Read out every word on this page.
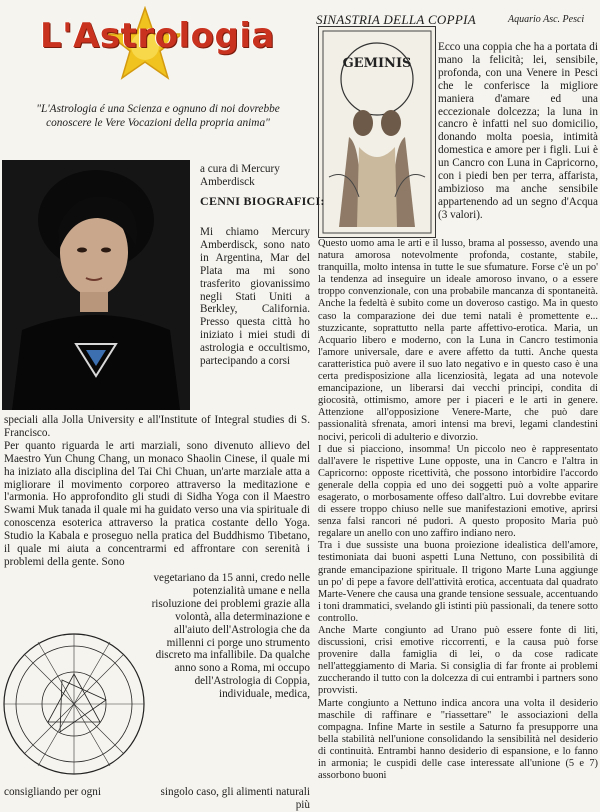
L'Astrologia
"L'Astrologia é una Scienza e ognuno di noi dovrebbe conoscere le Vere Vocazioni della propria anima"
SINASTRIA DELLA COPPIA	Aquario Asc. Pesci
GEMINIS
a cura di Mercury Amberdisck
CENNI BIOGRAFICI:
Mi chiamo Mercury Amberdisck, sono nato in Argentina, Mar del Plata ma mi sono trasferito giovanissimo negli Stati Uniti a Berkley, California. Presso questa città ho iniziato i miei studi di astrologia e occultismo, partecipando a corsi

speciali alla Jolla University e all'Institute of Integral studies di S. Francisco.

Per quanto riguarda le arti marziali, sono divenuto allievo del Maestro Yun Chung Chang, un monaco Shaolin Cinese, il quale mi ha iniziato alla disciplina del Tai Chi Chuan, un'arte marziale atta a migliorare il movimento corporeo attraverso la meditazione e l'armonia. Ho approfondito gli studi di Sidha Yoga con il Maestro Swami Muk tanada il quale mi ha guidato verso una via spirituale di conoscenza esoterica attraverso la pratica costante dello Yoga. Studio la Kabala e proseguo nella pratica del Buddhismo Tibetano, il quale mi aiuta a concentrarmi ed affrontare con serenità i problemi della gente. Sono

vegetariano da 15 anni, credo nelle potenzialità umane e nella risoluzione dei problemi grazie alla volontà, alla determinazione e all'aiuto dell'Astrologia che da millenni ci porge uno strumento discreto ma infallibile. Da qualche anno sono a Roma, mi occupo dell'Astrologia di Coppia, individuale, medica,
consigliando per ogni	singolo caso, gli alimenti naturali più
Ecco una coppia che ha a portata di mano la felicità; lei, sensibile, profonda, con una Venere in Pesci che le conferisce la migliore maniera d'amare ed una eccezionale dolcezza; la luna in cancro è infatti nel suo domicilio, donando molta poesia, intimità domestica e amore per i figli. Lui è un Cancro con Luna in Capricorno, con i piedi ben per terra, affarista, ambizioso ma anche sensibile appartenendo ad un segno d'Acqua (3 valori).

Questo uomo ama le arti e il lusso, brama al possesso, avendo una natura amorosa notevolmente profonda, costante, stabile, tranquilla, molto intensa in tutte le sue sfumature. Forse c'è un po' la tendenza ad inseguire un ideale amoroso invano, o a essere troppo convenzionale, con una probabile mancanza di spontaneità. Anche la fedeltà è subito come un doveroso castigo. Ma in questo caso la comparazione dei due temi natali è promettente e... stuzzicante, soprattutto nella parte affettivo-erotica. Maria, un Acquario libero e moderno, con la Luna in Cancro testimonia l'amore universale, dare e avere affetto da tutti. Anche questa caratteristica può avere il suo lato negativo e in questo caso è una certa predisposizione alla licenziosità, legata ad una notevole emancipazione, un liberarsi dai vecchi principi, condita di giocosità, ottimismo, amore per i piaceri e le arti in genere. Attenzione all'opposizione Venere-Marte, che può dare passionalità sfrenata, amori intensi ma brevi, legami clandestini nocivi, pericoli di adulterio e divorzio.

I due si piacciono, insomma! Un piccolo neo è rappresentato dall'avere le rispettive Lune opposte, una in Cancro e l'altra in Capricorno: opposte ricettività, che possono intorbidire l'accordo generale della coppia ed uno dei soggetti può a volte apparire esagerato, o morbosamente offeso dall'altro. Lui dovrebbe evitare di essere troppo chiuso nelle sue manifestazioni emotive, aprirsi senza falsi rancori né pudori. A questo proposito Maria può regalare un anello con uno zaffiro indiano nero.

Tra i due sussiste una buona proiezione idealistica dell'amore, testimoniata dai buoni aspetti Luna Nettuno, con possibilità di grande emancipazione spirituale. Il trigono Marte Luna aggiunge un po' di pepe a favore dell'attività erotica, accentuata dal quadrato Marte-Venere che causa una grande tensione sessuale, accentuando i toni drammatici, svelando gli istinti più passionali, da tenere sotto controllo.

Anche Marte congiunto ad Urano può essere fonte di liti, discussioni, crisi emotive riccorrenti, e la causa può forse provenire dalla famiglia di lei, o da cose radicate nell'atteggiamento di Maria. Si consiglia di far fronte ai problemi zuccherando il tutto con la dolcezza di cui entrambi i partners sono provvisti.

Marte congiunto a Nettuno indica ancora una volta il desiderio maschile di raffinare e "riassettare" le associazioni della compagna. Infine Marte in sestile a Saturno fa presupporre una bella stabilità nell'unione consolidando la sensibilità nel desiderio di continuità. Entrambi hanno desiderio di espansione, e lo fanno in armonia; le cuspidi delle case interessate all'unione (5 e 7) assorbono buoni
